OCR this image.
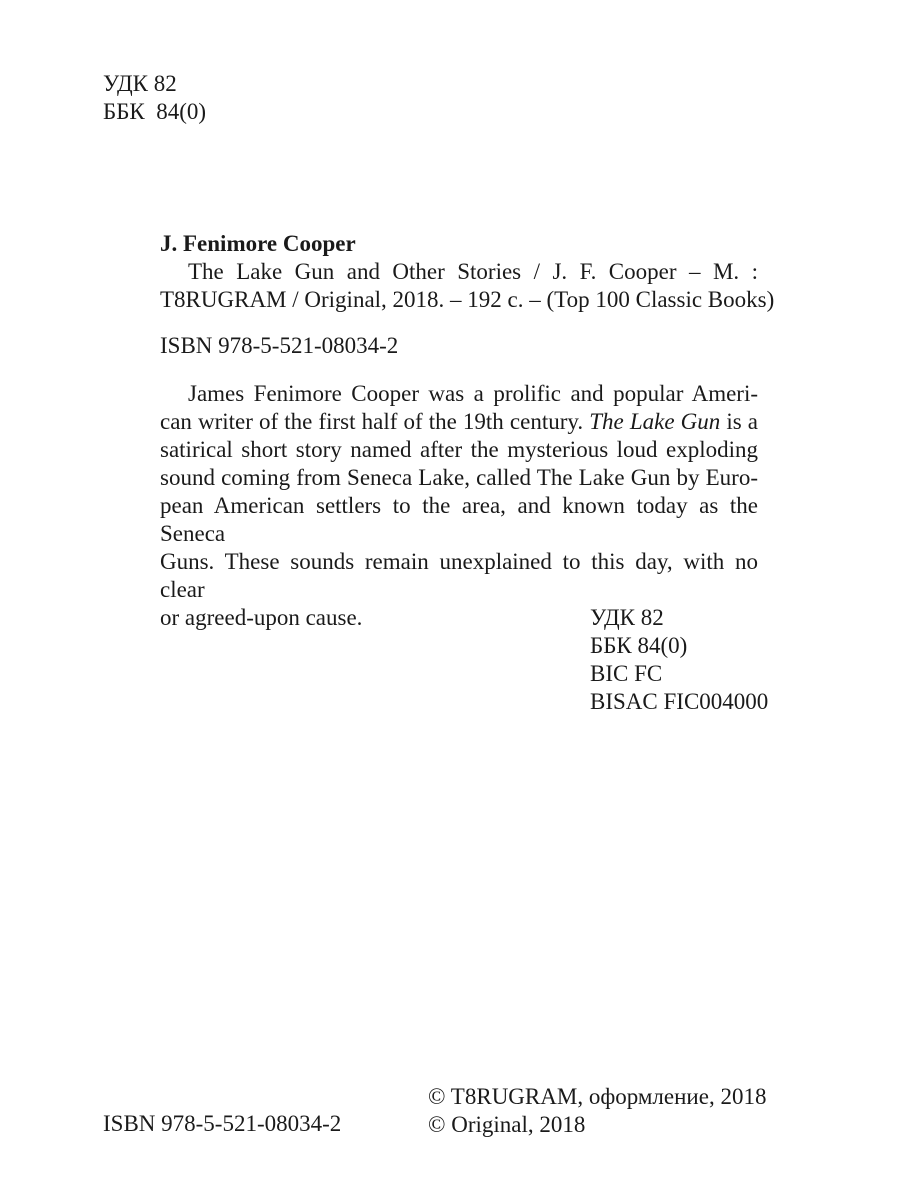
УДК 82
ББК  84(0)
J. Fenimore Cooper
The Lake Gun and Other Stories / J. F. Cooper – M. :
T8RUGRAM / Original, 2018. – 192 с. – (Top 100 Classic Books)
ISBN 978-5-521-08034-2
James Fenimore Cooper was a prolific and popular Ameri-
can writer of the first half of the 19th century. The Lake Gun is a
satirical short story named after the mysterious loud exploding
sound coming from Seneca Lake, called The Lake Gun by Euro-
pean American settlers to the area, and known today as the Seneca
Guns. These sounds remain unexplained to this day, with no clear
or agreed-upon cause.	УДК 82
ББК 84(0)
BIC FC
BISAC FIC004000
ISBN 978-5-521-08034-2
© T8RUGRAM, оформление, 2018
© Original, 2018
